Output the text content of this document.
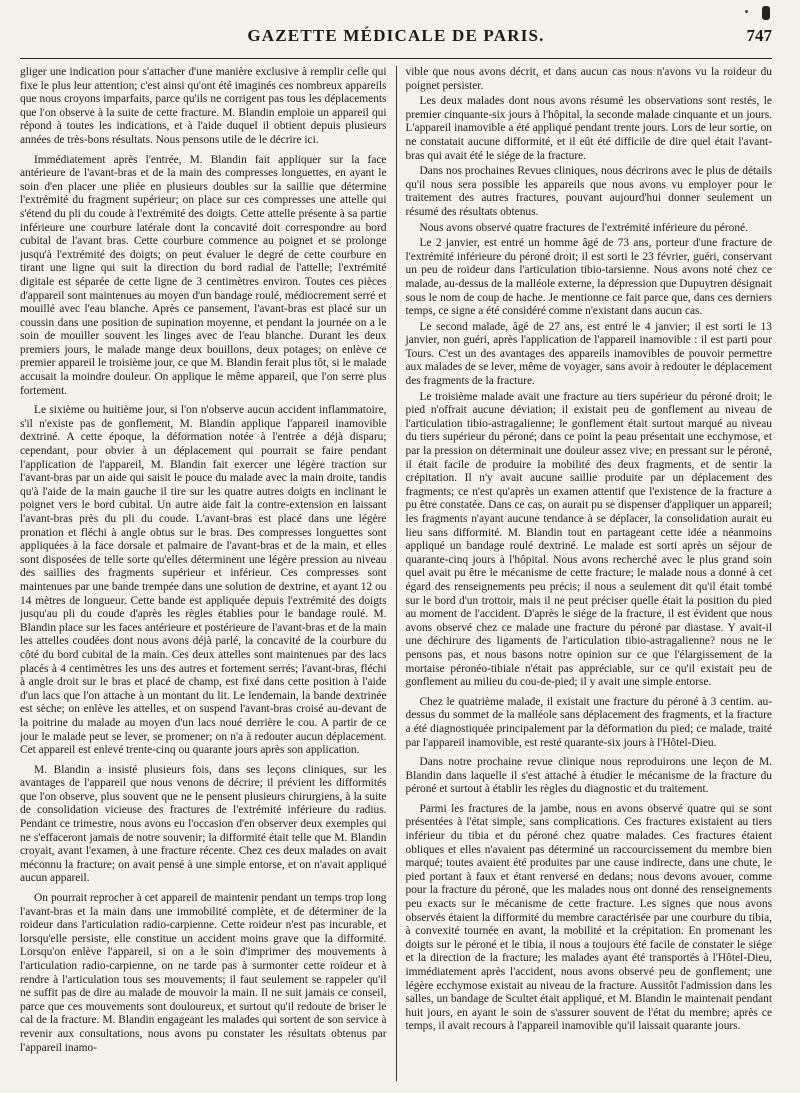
GAZETTE MÉDICALE DE PARIS.	747

gliger une indication pour s'attacher d'une manière exclusive à remplir celle qui fixe le plus leur attention; c'est ainsi qu'ont été imaginés ces nombreux appareils que nous croyons imparfaits, parce qu'ils ne corrigent pas tous les déplacements que l'on observe à la suite de cette fracture. M. Blandin emploie un appareil qui répond à toutes les indications, et à l'aide duquel il obtient depuis plusieurs années de très-bons résultats. Nous pensons utile de le décrire ici.

Immédiatement après l'entrée, M. Blandin fait appliquer sur la face antérieure de l'avant-bras et de la main des compresses longuettes, en ayant le soin d'en placer une pliée en plusieurs doubles sur la saillie que détermine l'extrémité du fragment supérieur; on place sur ces compresses une attelle qui s'étend du pli du coude à l'extrémité des doigts. Cette attelle présente à sa partie inférieure une courbure latérale dont la concavité doit correspondre au bord cubital de l'avant bras. Cette courbure commence au poignet et se prolonge jusqu'à l'extrémité des doigts; on peut évaluer le degré de cette courbure en tirant une ligne qui suit la direction du bord radial de l'attelle; l'extrémité digitale est séparée de cette ligne de 3 centimètres environ. Toutes ces pièces d'appareil sont maintenues au moyen d'un bandage roulé, médiocrement serré et mouillé avec l'eau blanche. Après ce pansement, l'avant-bras est placé sur un coussin dans une position de supination moyenne, et pendant la journée on a le soin de mouiller souvent les linges avec de l'eau blanche. Durant les deux premiers jours, le malade mange deux bouillons, deux potages; on enlève ce premier appareil le troisième jour, ce que M. Blandin ferait plus tôt, si le malade accusait la moindre douleur. On applique le même appareil, que l'on serre plus fortement.

Le sixième ou huitième jour, si l'on n'observe aucun accident inflammatoire, s'il n'existe pas de gonflement, M. Blandin applique l'appareil inamovible dextriné. A cette époque, la déformation notée à l'entrée a déjà disparu; cependant, pour obvier à un déplacement qui pourrait se faire pendant l'application de l'appareil, M. Blandin fait exercer une légère traction sur l'avant-bras par un aide qui saisit le pouce du malade avec la main droite, tandis qu'à l'aide de la main gauche il tire sur les quatre autres doigts en inclinant le poignet vers le bord cubital. Un autre aide fait la contre-extension en laissant l'avant-bras près du pli du coude. L'avant-bras est placé dans une légère pronation et fléchi à angle obtus sur le bras. Des compresses longuettes sont appliquées à la face dorsale et palmaire de l'avant-bras et de la main, et elles sont disposées de telle sorte qu'elles déterminent une légère pression au niveau des saillies des fragments supérieur et inférieur. Ces compresses sont maintenues par une bande trempée dans une solution de dextrine, et ayant 12 ou 14 mètres de longueur. Cette bande est appliquée depuis l'extrémité des doigts jusqu'au pli du coude d'après les règles établies pour le bandage roulé. M. Blandin place sur les faces antérieure et postérieure de l'avant-bras et de la main les attelles coudées dont nous avons déjà parlé, la concavité de la courbure du côté du bord cubital de la main. Ces deux attelles sont maintenues par des lacs placés à 4 centimètres les uns des autres et fortement serrés; l'avant-bras, fléchi à angle droit sur le bras et placé de champ, est fixé dans cette position à l'aide d'un lacs que l'on attache à un montant du lit. Le lendemain, la bande dextrinée est sèche; on enlève les attelles, et on suspend l'avant-bras croisé au-devant de la poitrine du malade au moyen d'un lacs noué derrière le cou. A partir de ce jour le malade peut se lever, se promener; on n'a à redouter aucun déplacement. Cet appareil est enlevé trente-cinq ou quarante jours après son application.

M. Blandin a insisté plusieurs fois, dans ses leçons cliniques, sur les avantages de l'appareil que nous venons de décrire; il prévient les difformités que l'on observe, plus souvent que ne le pensent plusieurs chirurgiens, à la suite de consolidation vicieuse des fractures de l'extrémité inférieure du radius. Pendant ce trimestre, nous avons eu l'occasion d'en observer deux exemples qui ne s'effaceront jamais de notre souvenir; la difformité était telle que M. Blandin croyait, avant l'examen, à une fracture récente. Chez ces deux malades on avait méconnu la fracture; on avait pensé à une simple entorse, et on n'avait appliqué aucun appareil.

On pourrait reprocher à cet appareil de maintenir pendant un temps trop long l'avant-bras et la main dans une immobilité complète, et de déterminer de la roideur dans l'articulation radio-carpienne. Cette roideur n'est pas incurable, et lorsqu'elle persiste, elle constitue un accident moins grave que la difformité. Lorsqu'on enlève l'appareil, si on a le soin d'imprimer des mouvements à l'articulation radio-carpienne, on ne tarde pas à surmonter cette roideur et à rendre à l'articulation tous ses mouvements; il faut seulement se rappeler qu'il ne suffit pas de dire au malade de mouvoir la main. Il ne suit jamais ce conseil, parce que ces mouvements sont douloureux, et surtout qu'il redoute de briser le cal de la fracture. M. Blandin engageant les malades qui sortent de son service à revenir aux consultations, nous avons pu constater les résultats obtenus par l'appareil inamo-

vible que nous avons décrit, et dans aucun cas nous n'avons vu la roideur du poignet persister.

Les deux malades dont nous avons résumé les observations sont restés, le premier cinquante-six jours à l'hôpital, la seconde malade cinquante et un jours. L'appareil inamovible a été appliqué pendant trente jours. Lors de leur sortie, on ne constatait aucune difformité, et il eût été difficile de dire quel était l'avant-bras qui avait été le siége de la fracture.

Dans nos prochaines Revues cliniques, nous décrirons avec le plus de détails qu'il nous sera possible les appareils que nous avons vu employer pour le traitement des autres fractures, pouvant aujourd'hui donner seulement un résumé des résultats obtenus.

Nous avons observé quatre fractures de l'extrémité inférieure du péroné.

Le 2 janvier, est entré un homme âgé de 73 ans, porteur d'une fracture de l'extrémité inférieure du péroné droit; il est sorti le 23 février, guéri, conservant un peu de roideur dans l'articulation tibio-tarsienne. Nous avons noté chez ce malade, au-dessus de la malléole externe, la dépression que Dupuytren désignait sous le nom de coup de hache. Je mentionne ce fait parce que, dans ces derniers temps, ce signe a été considéré comme n'existant dans aucun cas.

Le second malade, âgé de 27 ans, est entré le 4 janvier; il est sorti le 13 janvier, non guéri, après l'application de l'appareil inamovible : il est parti pour Tours. C'est un des avantages des appareils inamovibles de pouvoir permettre aux malades de se lever, même de voyager, sans avoir à redouter le déplacement des fragments de la fracture.

Le troisième malade avait une fracture au tiers supérieur du péroné droit; le pied n'offrait aucune déviation; il existait peu de gonflement au niveau de l'articulation tibio-astragalienne; le gonflement était surtout marqué au niveau du tiers supérieur du péroné; dans ce point la peau présentait une ecchymose, et par la pression on déterminait une douleur assez vive; en pressant sur le péroné, il était facile de produire la mobilité des deux fragments, et de sentir la crépitation. Il n'y avait aucune saillie produite par un déplacement des fragments; ce n'est qu'après un examen attentif que l'existence de la fracture a pu être constatée. Dans ce cas, on aurait pu se dispenser d'appliquer un appareil; les fragments n'ayant aucune tendance à se déplacer, la consolidation aurait eu lieu sans difformité. M. Blandin tout en partageant cette idée a néanmoins appliqué un bandage roulé dextriné. Le malade est sorti après un séjour de quarante-cinq jours à l'hôpital. Nous avons recherché avec le plus grand soin quel avait pu être le mécanisme de cette fracture; le malade nous a donné à cet égard des renseignements peu précis; il nous a seulement dit qu'il était tombé sur le bord d'un trottoir, mais il ne peut préciser quelle était la position du pied au moment de l'accident. D'après le siége de la fracture, il est évident que nous avons observé chez ce malade une fracture du péroné par diastase. Y avait-il une déchirure des ligaments de l'articulation tibio-astragalienne? nous ne le pensons pas, et nous basons notre opinion sur ce que l'élargissement de la mortaise péronéo-tibiale n'était pas appréciable, sur ce qu'il existait peu de gonflement au milieu du cou-de-pied; il y avait une simple entorse.

Chez le quatrième malade, il existait une fracture du péroné à 3 centim. au-dessus du sommet de la malléole sans déplacement des fragments, et la fracture a été diagnostiquée principalement par la déformation du pied; ce malade, traité par l'appareil inamovible, est resté quarante-six jours à l'Hôtel-Dieu.

Dans notre prochaine revue clinique nous reproduirons une leçon de M. Blandin dans laquelle il s'est attaché à étudier le mécanisme de la fracture du péroné et surtout à établir les règles du diagnostic et du traitement.

Parmi les fractures de la jambe, nous en avons observé quatre qui se sont présentées à l'état simple, sans complications. Ces fractures existaient au tiers inférieur du tibia et du péroné chez quatre malades. Ces fractures étaient obliques et elles n'avaient pas déterminé un raccourcissement du membre bien marqué; toutes avaient été produites par une cause indirecte, dans une chute, le pied portant à faux et étant renversé en dedans; nous devons avouer, comme pour la fracture du péroné, que les malades nous ont donné des renseignements peu exacts sur le mécanisme de cette fracture. Les signes que nous avons observés étaient la difformité du membre caractérisée par une courbure du tibia, à convexité tournée en avant, la mobilité et la crépitation. En promenant les doigts sur le péroné et le tibia, il nous a toujours été facile de constater le siége et la direction de la fracture; les malades ayant été transportés à l'Hôtel-Dieu, immédiatement après l'accident, nous avons observé peu de gonflement; une légère ecchymose existait au niveau de la fracture. Aussitôt l'admission dans les salles, un bandage de Scultet était appliqué, et M. Blandin le maintenait pendant huit jours, en ayant le soin de s'assurer souvent de l'état du membre; après ce temps, il avait recours à l'appareil inamovible qu'il laissait quarante jours.
